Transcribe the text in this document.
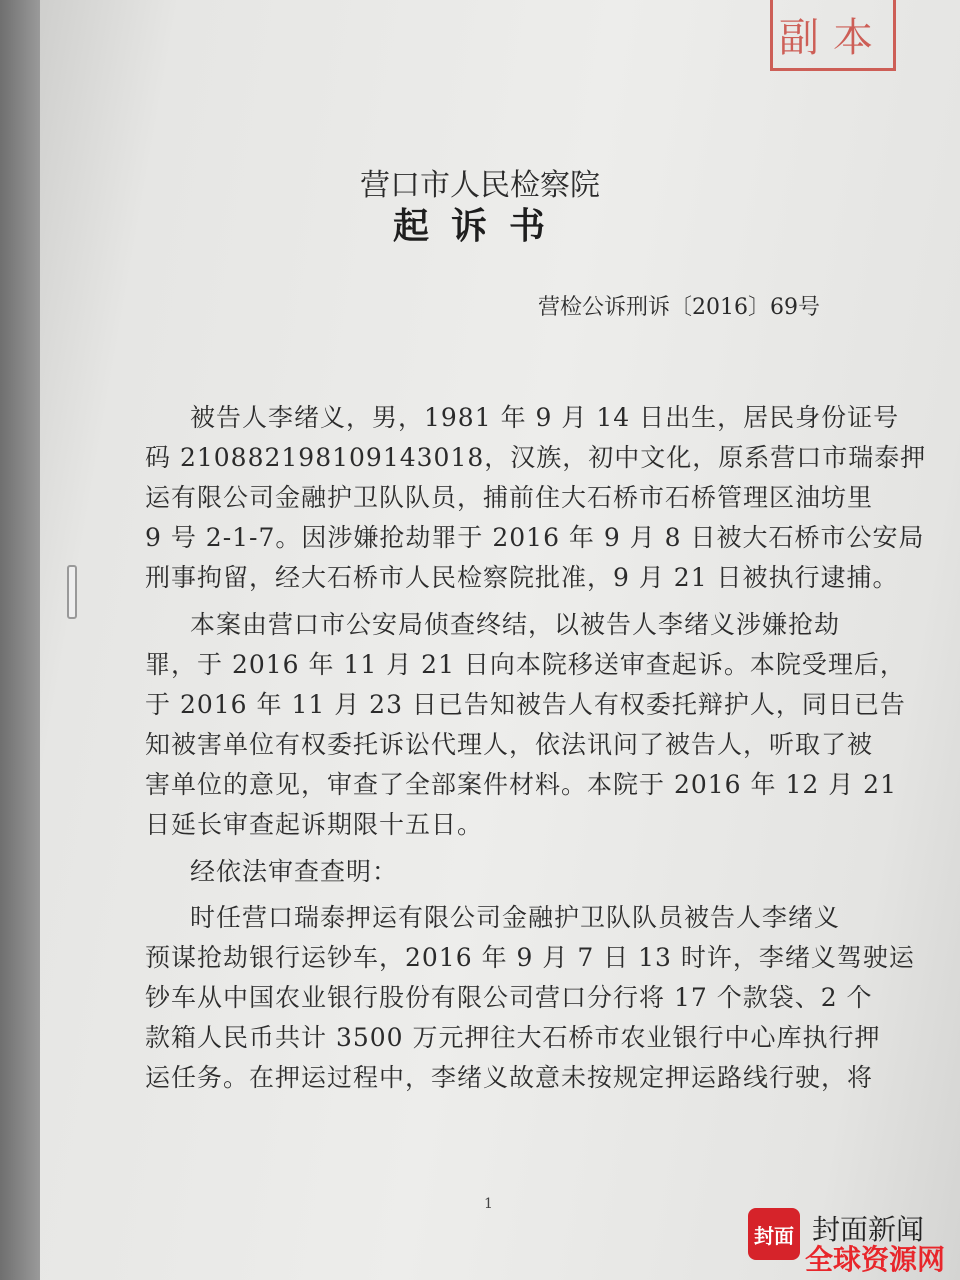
副本
营口市人民检察院
起诉书
营检公诉刑诉〔2016〕69号
被告人李绪义，男，1981 年 9 月 14 日出生，居民身份证号
码 210882198109143018，汉族，初中文化，原系营口市瑞泰押
运有限公司金融护卫队队员，捕前住大石桥市石桥管理区油坊里
9 号 2-1-7。因涉嫌抢劫罪于 2016 年 9 月 8 日被大石桥市公安局
刑事拘留，经大石桥市人民检察院批准，9 月 21 日被执行逮捕。
本案由营口市公安局侦查终结，以被告人李绪义涉嫌抢劫
罪，于 2016 年 11 月 21 日向本院移送审查起诉。本院受理后，
于 2016 年 11 月 23 日已告知被告人有权委托辩护人，同日已告
知被害单位有权委托诉讼代理人，依法讯问了被告人，听取了被
害单位的意见，审查了全部案件材料。本院于 2016 年 12 月 21
日延长审查起诉期限十五日。
经依法审查查明：
时任营口瑞泰押运有限公司金融护卫队队员被告人李绪义
预谋抢劫银行运钞车，2016 年 9 月 7 日 13 时许，李绪义驾驶运
钞车从中国农业银行股份有限公司营口分行将 17 个款袋、2 个
款箱人民币共计 3500 万元押往大石桥市农业银行中心库执行押
运任务。在押运过程中，李绪义故意未按规定押运路线行驶，将
1
封面 封面新闻
全球资源网
